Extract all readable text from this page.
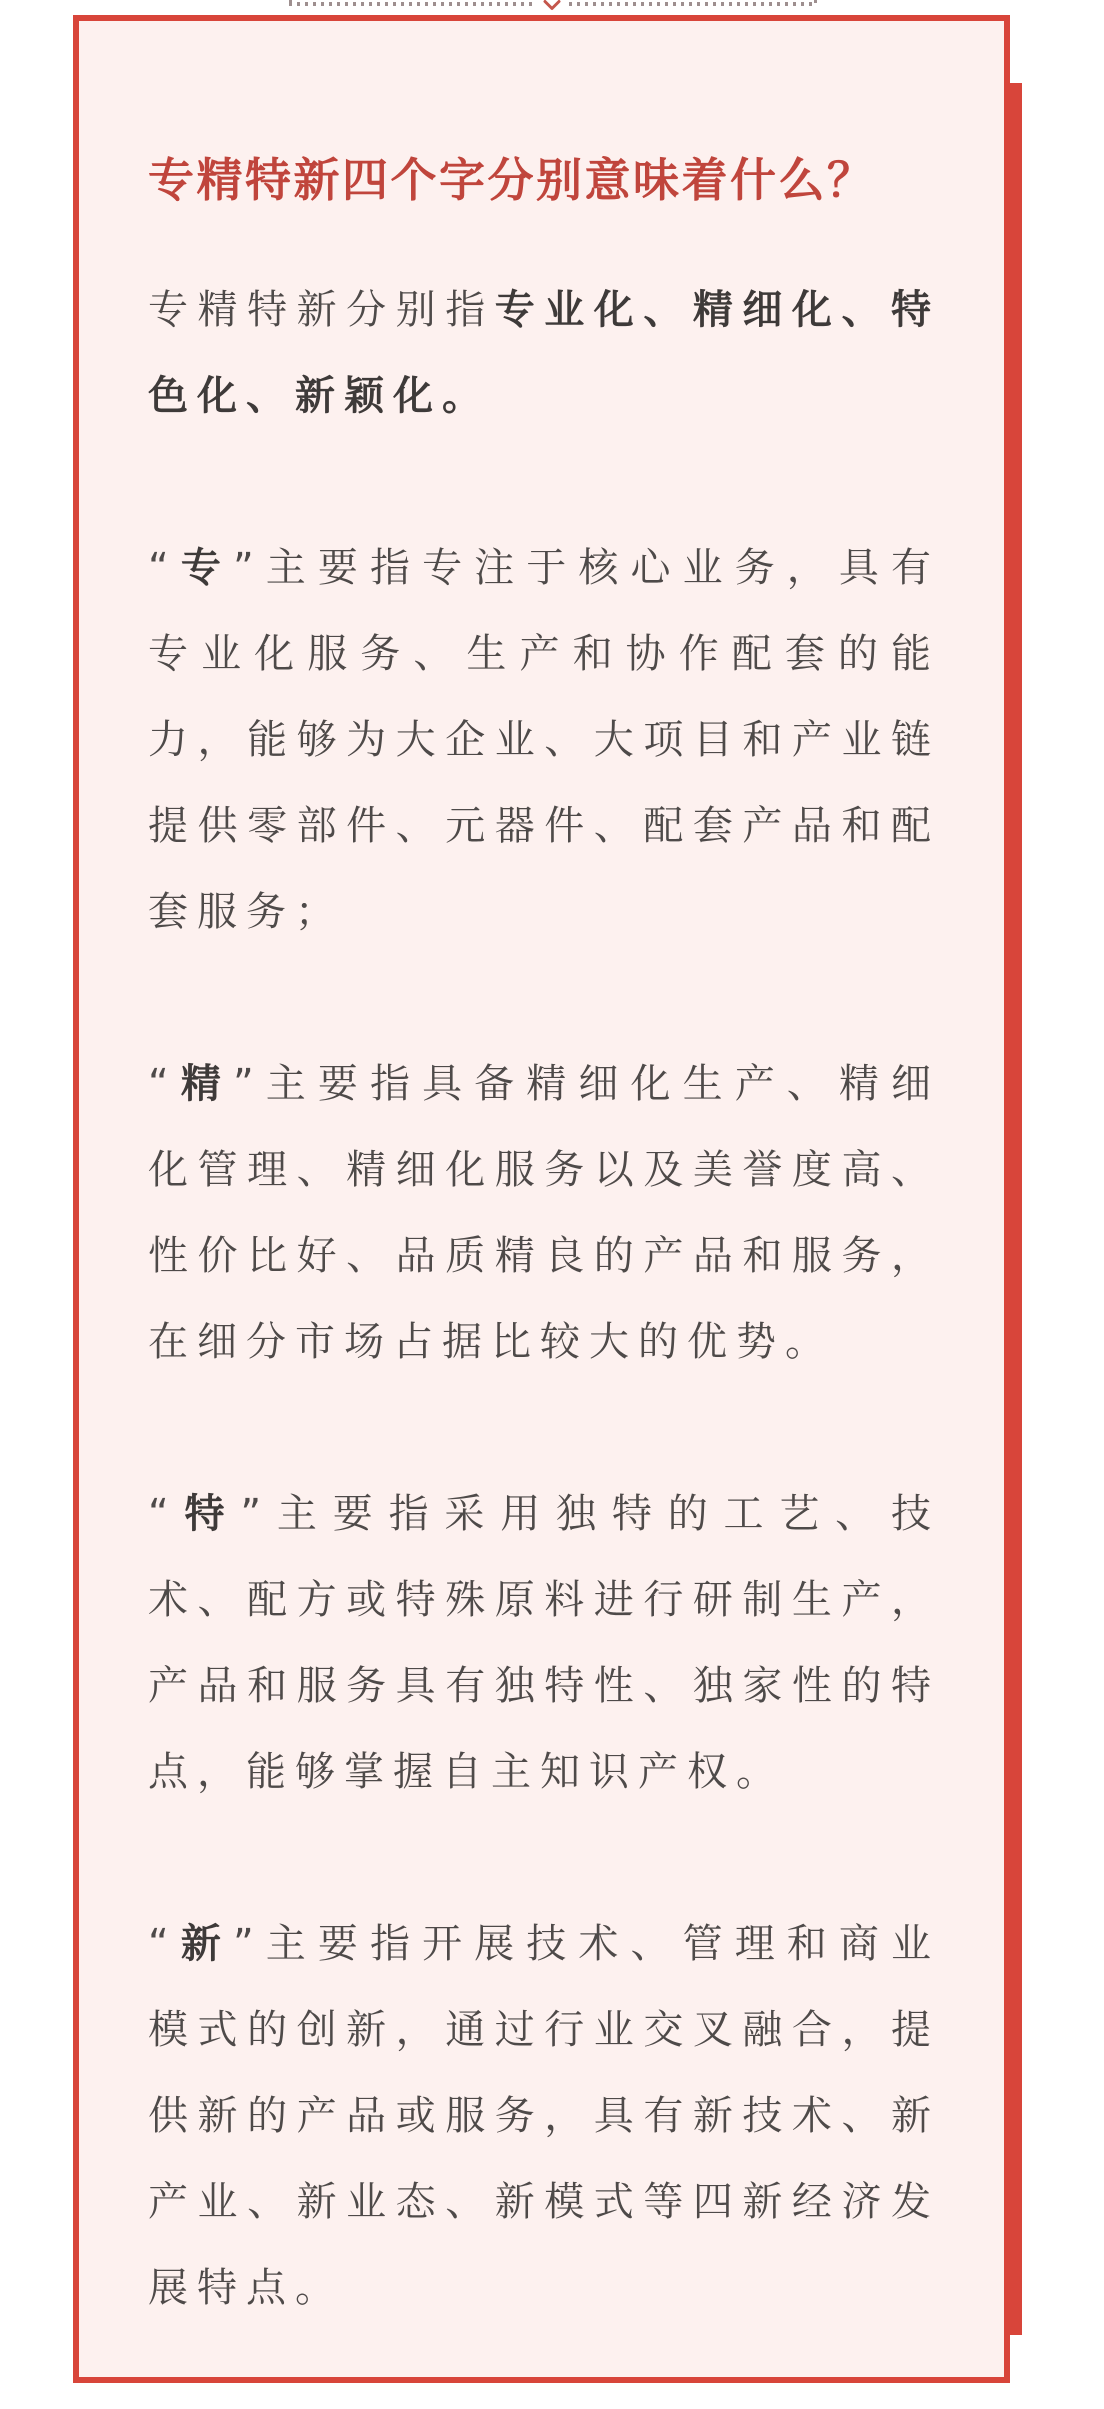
专精特新四个字分别意味着什么？

专精特新分别指专业化、精细化、特色化、新颖化。

“专”主要指专注于核心业务，具有专业化服务、生产和协作配套的能力，能够为大企业、大项目和产业链提供零部件、元器件、配套产品和配套服务；

“精”主要指具备精细化生产、精细化管理、精细化服务以及美誉度高、性价比好、品质精良的产品和服务，在细分市场占据比较大的优势。

“特”主要指采用独特的工艺、技术、配方或特殊原料进行研制生产，产品和服务具有独特性、独家性的特点，能够掌握自主知识产权。

“新”主要指开展技术、管理和商业模式的创新，通过行业交叉融合，提供新的产品或服务，具有新技术、新产业、新业态、新模式等四新经济发展特点。
